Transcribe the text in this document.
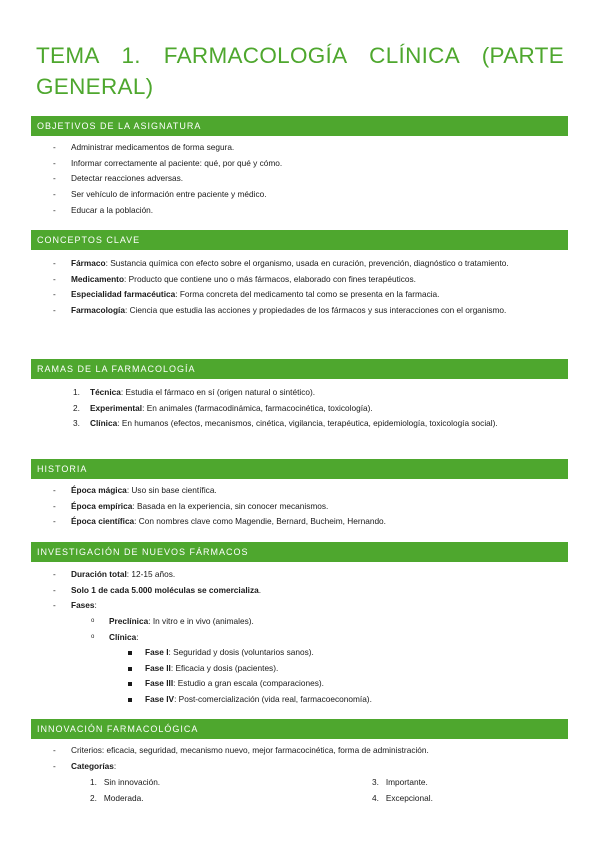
TEMA 1. FARMACOLOGÍA CLÍNICA (PARTE GENERAL)
OBJETIVOS DE LA ASIGNATURA
- Administrar medicamentos de forma segura.
- Informar correctamente al paciente: qué, por qué y cómo.
- Detectar reacciones adversas.
- Ser vehículo de información entre paciente y médico.
- Educar a la población.
CONCEPTOS CLAVE
- Fármaco: Sustancia química con efecto sobre el organismo, usada en curación, prevención, diagnóstico o tratamiento.
- Medicamento: Producto que contiene uno o más fármacos, elaborado con fines terapéuticos.
- Especialidad farmacéutica: Forma concreta del medicamento tal como se presenta en la farmacia.
- Farmacología: Ciencia que estudia las acciones y propiedades de los fármacos y sus interacciones con el organismo.
RAMAS DE LA FARMACOLOGÍA
1. Técnica: Estudia el fármaco en sí (origen natural o sintético).
2. Experimental: En animales (farmacodinámica, farmacocinética, toxicología).
3. Clínica: En humanos (efectos, mecanismos, cinética, vigilancia, terapéutica, epidemiología, toxicología social).
HISTORIA
- Época mágica: Uso sin base científica.
- Época empírica: Basada en la experiencia, sin conocer mecanismos.
- Época científica: Con nombres clave como Magendie, Bernard, Bucheim, Hernando.
INVESTIGACIÓN DE NUEVOS FÁRMACOS
- Duración total: 12-15 años.
- Solo 1 de cada 5.000 moléculas se comercializa.
- Fases:
o Preclínica: In vitro e in vivo (animales).
o Clínica:
Fase I: Seguridad y dosis (voluntarios sanos).
Fase II: Eficacia y dosis (pacientes).
Fase III: Estudio a gran escala (comparaciones).
Fase IV: Post-comercialización (vida real, farmacoeconomía).
INNOVACIÓN FARMACOLÓGICA
- Criterios: eficacia, seguridad, mecanismo nuevo, mejor farmacocinética, forma de administración.
- Categorías:
1. Sin innovación.
2. Moderada.
3. Importante.
4. Excepcional.
